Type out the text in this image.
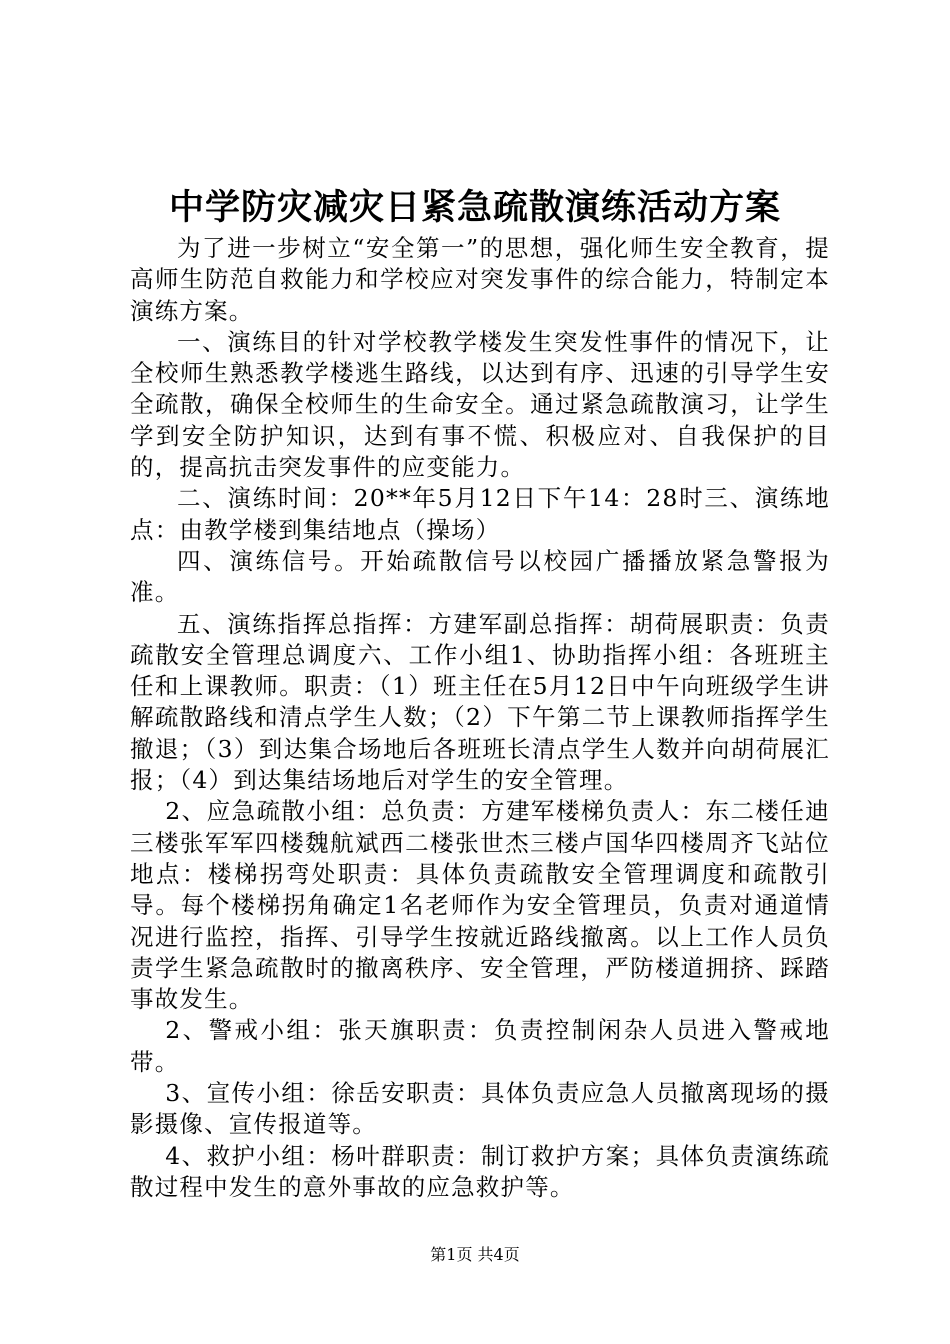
中学防灾减灾日紧急疏散演练活动方案

为了进一步树立“安全第一”的思想，强化师生安全教育，提高师生防范自救能力和学校应对突发事件的综合能力，特制定本演练方案。

一、演练目的针对学校教学楼发生突发性事件的情况下，让全校师生熟悉教学楼逃生路线，以达到有序、迅速的引导学生安全疏散，确保全校师生的生命安全。通过紧急疏散演习，让学生学到安全防护知识，达到有事不慌、积极应对、自我保护的目的，提高抗击突发事件的应变能力。

二、演练时间：20**年5月12日下午14：28时三、演练地点：由教学楼到集结地点（操场）

四、演练信号。开始疏散信号以校园广播播放紧急警报为准。

五、演练指挥总指挥：方建军副总指挥：胡荷展职责：负责疏散安全管理总调度六、工作小组1、协助指挥小组：各班班主任和上课教师。职责：（1）班主任在5月12日中午向班级学生讲解疏散路线和清点学生人数；（2）下午第二节上课教师指挥学生撤退；（3）到达集合场地后各班班长清点学生人数并向胡荷展汇报；（4）到达集结场地后对学生的安全管理。

2、应急疏散小组：总负责：方建军楼梯负责人：东二楼任迪三楼张军军四楼魏航斌西二楼张世杰三楼卢国华四楼周齐飞站位地点：楼梯拐弯处职责：具体负责疏散安全管理调度和疏散引导。每个楼梯拐角确定1名老师作为安全管理员，负责对通道情况进行监控，指挥、引导学生按就近路线撤离。以上工作人员负责学生紧急疏散时的撤离秩序、安全管理，严防楼道拥挤、踩踏事故发生。

2、警戒小组：张天旗职责：负责控制闲杂人员进入警戒地带。

3、宣传小组：徐岳安职责：具体负责应急人员撤离现场的摄影摄像、宣传报道等。

4、救护小组：杨叶群职责：制订救护方案；具体负责演练疏散过程中发生的意外事故的应急救护等。

第1页 共4页
